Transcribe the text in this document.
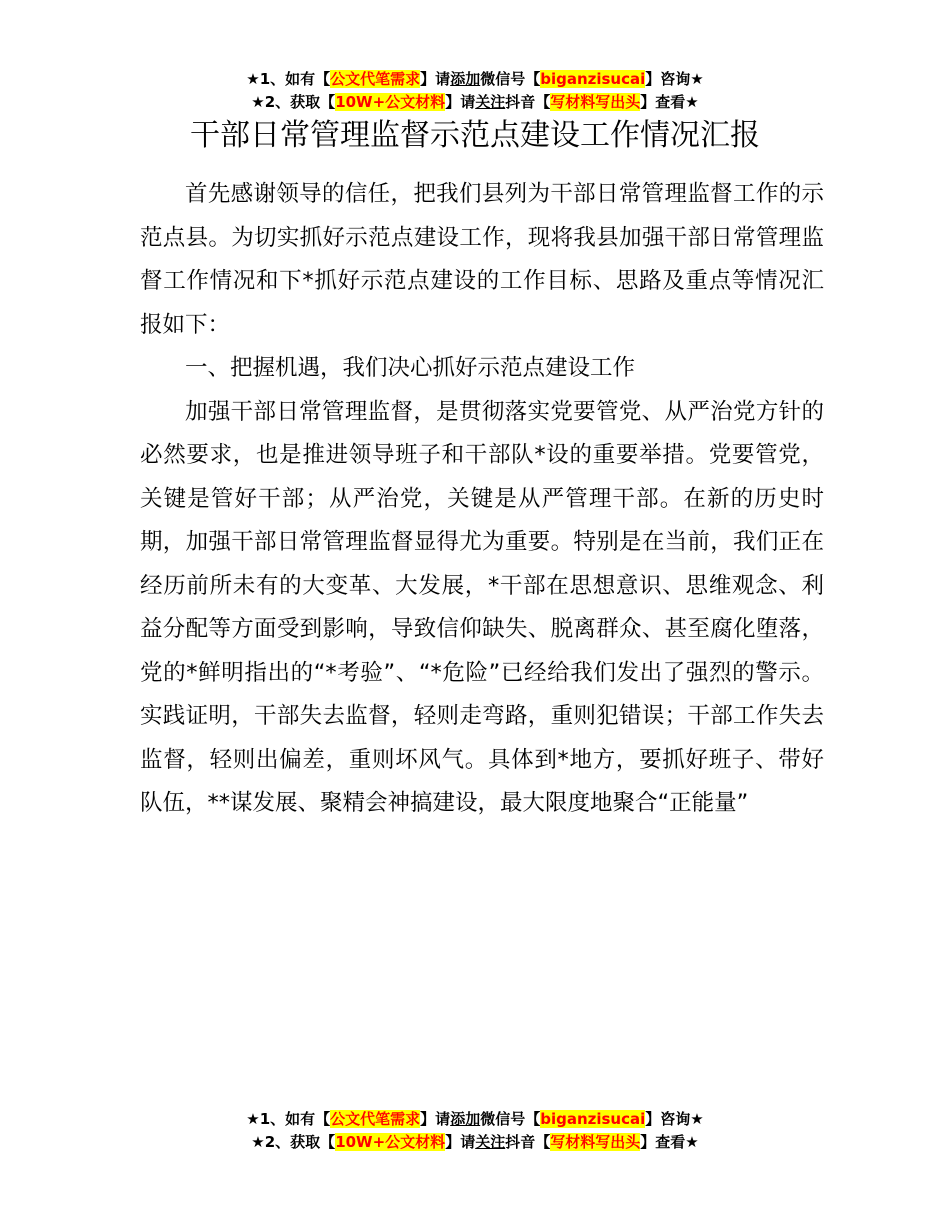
★1、如有【公文代笔需求】请添加微信号【biganzisucai】咨询★
★2、获取【10W+公文材料】请关注抖音【写材料写出头】查看★
干部日常管理监督示范点建设工作情况汇报

首先感谢领导的信任，把我们县列为干部日常管理监督工作的示范点县。为切实抓好示范点建设工作，现将我县加强干部日常管理监督工作情况和下*抓好示范点建设的工作目标、思路及重点等情况汇报如下：

一、把握机遇，我们决心抓好示范点建设工作

加强干部日常管理监督，是贯彻落实党要管党、从严治党方针的必然要求，也是推进领导班子和干部队*设的重要举措。党要管党，关键是管好干部；从严治党，关键是从严管理干部。在新的历史时期，加强干部日常管理监督显得尤为重要。特别是在当前，我们正在经历前所未有的大变革、大发展，*干部在思想意识、思维观念、利益分配等方面受到影响，导致信仰缺失、脱离群众、甚至腐化堕落，党的*鲜明指出的“*考验”、“*危险”已经给我们发出了强烈的警示。实践证明，干部失去监督，轻则走弯路，重则犯错误；干部工作失去监督，轻则出偏差，重则坏风气。具体到*地方，要抓好班子、带好队伍，**谋发展、聚精会神搞建设，最大限度地聚合“正能量”

★1、如有【公文代笔需求】请添加微信号【biganzisucai】咨询★
★2、获取【10W+公文材料】请关注抖音【写材料写出头】查看★
